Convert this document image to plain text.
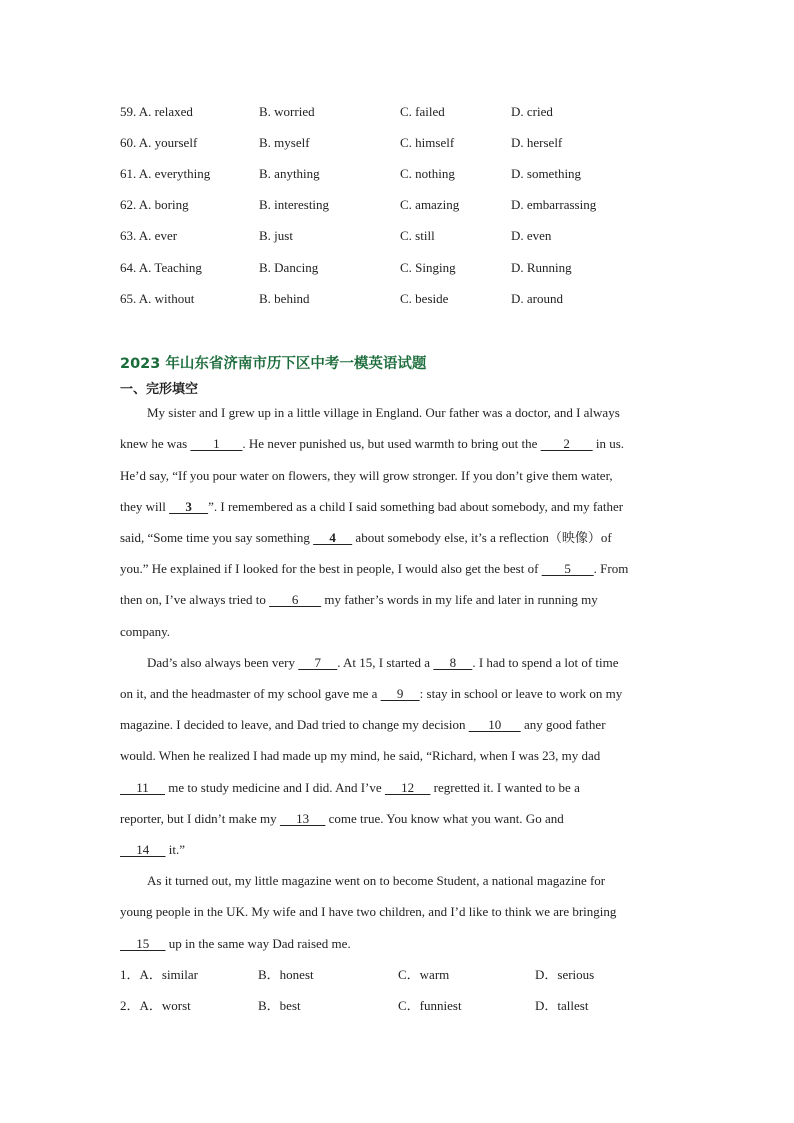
59. A. relaxed	B. worried	C. failed	D. cried
60. A. yourself	B. myself	C. himself	D. herself
61. A. everything	B. anything	C. nothing	D. something
62. A. boring	B. interesting	C. amazing	D. embarrassing
63. A. ever	B. just	C. still	D. even
64. A. Teaching	B. Dancing	C. Singing	D. Running
65. A. without	B. behind	C. beside	D. around
2023 年山东省济南市历下区中考一模英语试题
一、完形填空
My sister and I grew up in a little village in England. Our father was a doctor, and I always
knew he was        1       . He never punished us, but used warmth to bring out the        2        in us.
He’d say, “If you pour water on flowers, they will grow stronger. If you don’t give them water,
they will      3     ”. I remembered as a child I said something bad about somebody, and my father
said, “Some time you say something      4      about somebody else, it’s a reflection（映像）of
you.” He explained if I looked for the best in people, I would also get the best of        5       . From
then on, I’ve always tried to        6        my father’s words in my life and later in running my
company.
Dad’s also always been very      7     . At 15, I started a      8     . I had to spend a lot of time
on it, and the headmaster of my school gave me a      9     : stay in school or leave to work on my
magazine. I decided to leave, and Dad tried to change my decision       10       any good father
would. When he realized I had made up my mind, he said, “Richard, when I was 23, my dad
11      me to study medicine and I did. And I’ve      12      regretted it. I wanted to be a
reporter, but I didn’t make my      13      come true. You know what you want. Go and
14      it.”
As it turned out, my little magazine went on to become Student, a national magazine for
young people in the UK. My wife and I have two children, and I’d like to think we are bringing
15      up in the same way Dad raised me.
1．A．similar	B．honest	C．warm	D．serious
2．A．worst	B．best	C．funniest	D．tallest
